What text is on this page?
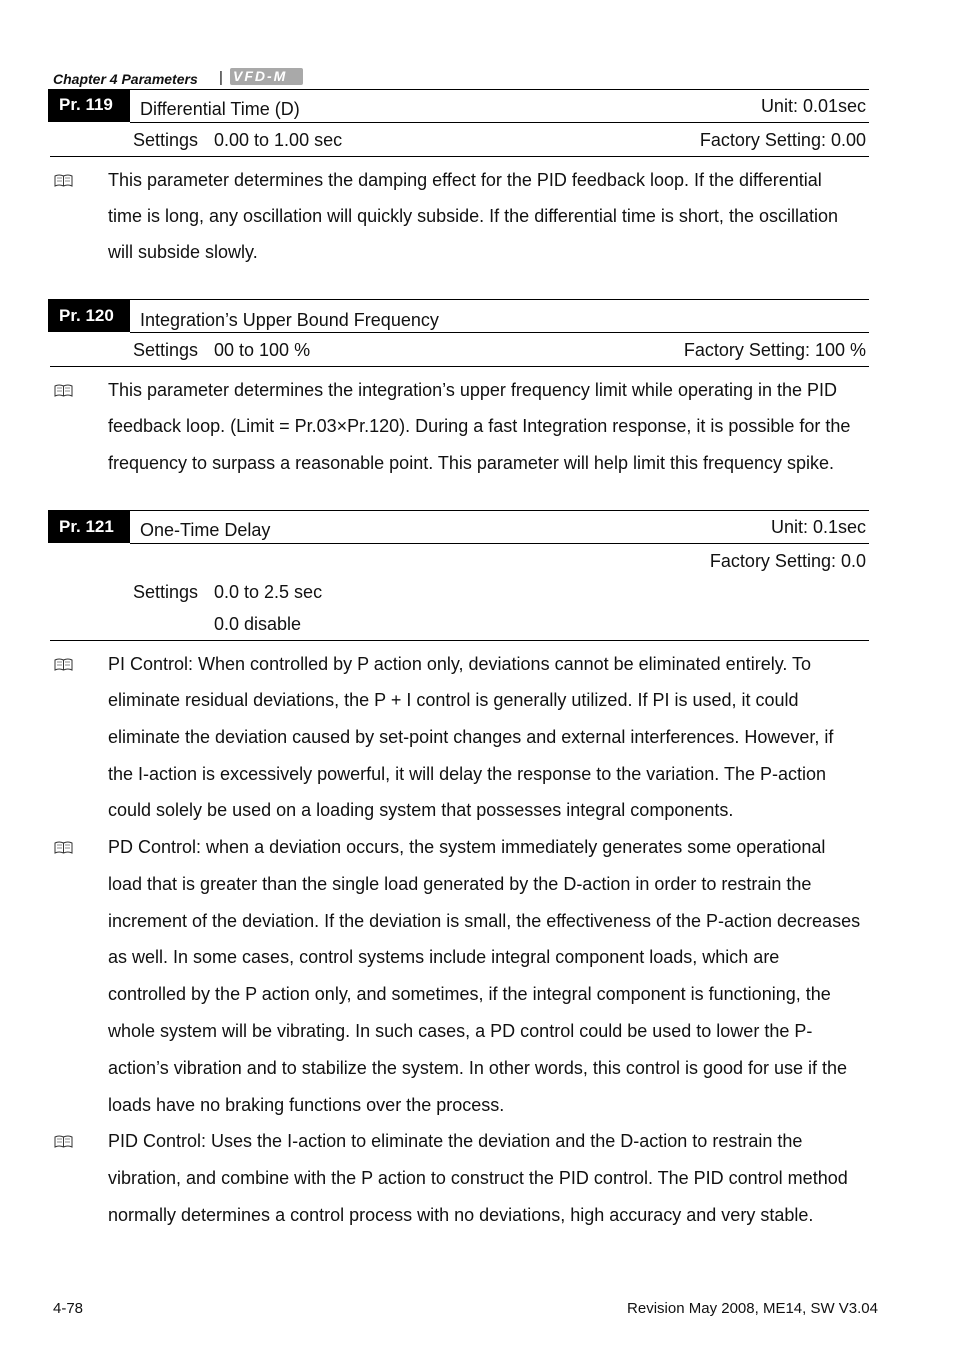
Chapter 4 Parameters | VFD-M
Pr. 119	Differential Time (D)	Unit: 0.01sec
Settings 0.00 to 1.00 sec	Factory Setting: 0.00
This parameter determines the damping effect for the PID feedback loop. If the differential
time is long, any oscillation will quickly subside. If the differential time is short, the oscillation
will subside slowly.
Pr. 120	Integration’s Upper Bound Frequency
Settings 00 to 100 %	Factory Setting: 100 %
This parameter determines the integration’s upper frequency limit while operating in the PID
feedback loop. (Limit = Pr.03×Pr.120). During a fast Integration response, it is possible for the
frequency to surpass a reasonable point. This parameter will help limit this frequency spike.
Pr. 121	One-Time Delay	Unit: 0.1sec
Factory Setting: 0.0
Settings 0.0 to 2.5 sec
0.0 disable
PI Control: When controlled by P action only, deviations cannot be eliminated entirely. To
eliminate residual deviations, the P + I control is generally utilized. If PI is used, it could
eliminate the deviation caused by set-point changes and external interferences. However, if
the I-action is excessively powerful, it will delay the response to the variation. The P-action
could solely be used on a loading system that possesses integral components.
PD Control: when a deviation occurs, the system immediately generates some operational
load that is greater than the single load generated by the D-action in order to restrain the
increment of the deviation. If the deviation is small, the effectiveness of the P-action decreases
as well. In some cases, control systems include integral component loads, which are
controlled by the P action only, and sometimes, if the integral component is functioning, the
whole system will be vibrating. In such cases, a PD control could be used to lower the P-
action’s vibration and to stabilize the system. In other words, this control is good for use if the
loads have no braking functions over the process.
PID Control: Uses the I-action to eliminate the deviation and the D-action to restrain the
vibration, and combine with the P action to construct the PID control. The PID control method
normally determines a control process with no deviations, high accuracy and very stable.
4-78	Revision May 2008, ME14, SW V3.04
